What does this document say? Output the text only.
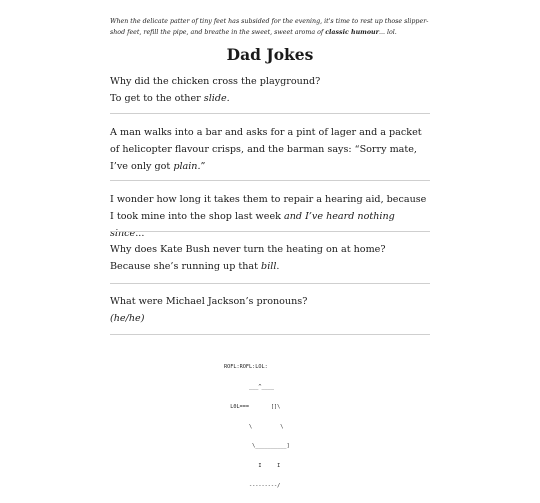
When the delicate patter of tiny feet has subsided for the evening, it's time to rest up those slipper-shod feet, refill the pipe, and breathe in the sweet, sweet aroma of classic humour... lol.

Dad Jokes

Why did the chicken cross the playground?

To get to the other slide.

A man walks into a bar and asks for a pint of lager and a packet of helicopter flavour crisps, and the barman says: “Sorry mate, I’ve only got plain.”

I wonder how long it takes them to repair a hearing aid, because I took mine into the shop last week and I’ve heard nothing since...

Why does Kate Bush never turn the heating on at home?

Because she’s running up that bill.

What were Michael Jackson’s pronouns?

(he/he)

ROFL:ROFL:LOL:

___^____

L0L===       []\

\         \

\__________]

I     I

---------/
